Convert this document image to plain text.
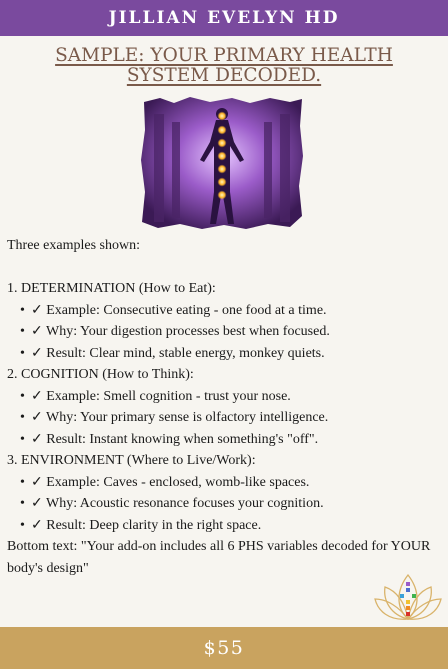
JILLIAN EVELYN HD
SAMPLE: YOUR PRIMARY HEALTH
SYSTEM DECODED.

Three examples shown:

1. DETERMINATION (How to Eat):

• ✓ Example: Consecutive eating - one food at a time.
• ✓ Why: Your digestion processes best when focused.
• ✓ Result: Clear mind, stable energy, monkey quiets.

2. COGNITION (How to Think):

• ✓ Example: Smell cognition - trust your nose.
• ✓ Why: Your primary sense is olfactory intelligence.
• ✓ Result: Instant knowing when something's "off".

3. ENVIRONMENT (Where to Live/Work):

• ✓ Example: Caves - enclosed, womb-like spaces.
• ✓ Why: Acoustic resonance focuses your cognition.
• ✓ Result: Deep clarity in the right space.

Bottom text: "Your add-on includes all 6 PHS variables decoded for YOUR body's design"

$55
